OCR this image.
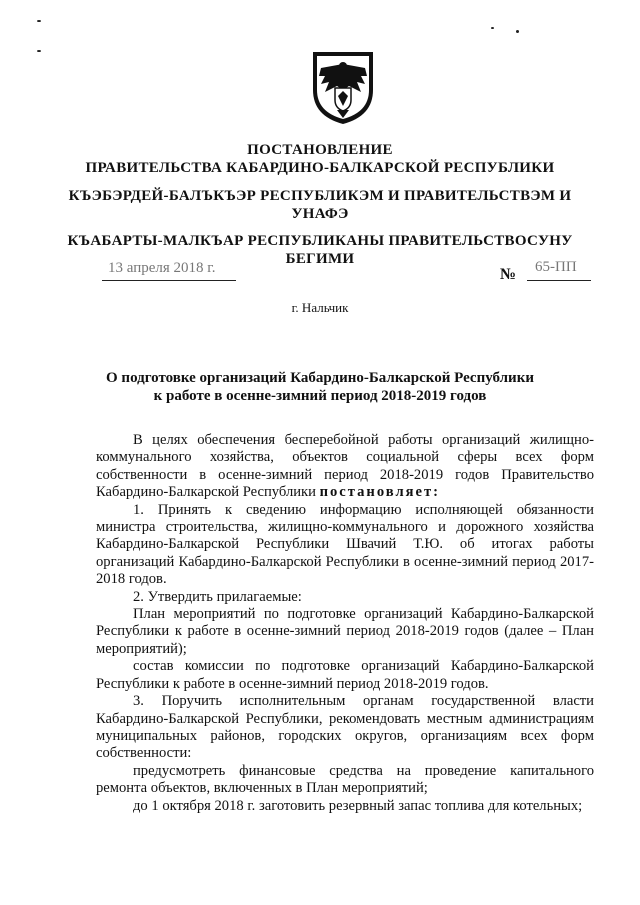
ПОСТАНОВЛЕНИЕ
ПРАВИТЕЛЬСТВА КАБАРДИНО-БАЛКАРСКОЙ РЕСПУБЛИКИ
КЪЭБЭРДЕЙ-БАЛЪКЪЭР РЕСПУБЛИКЭМ И ПРАВИТЕЛЬСТВЭМ И
УНАФЭ
КЪАБАРТЫ-МАЛКЪАР РЕСПУБЛИКАНЫ ПРАВИТЕЛЬСТВОСУНУ
БЕГИМИ
13 апреля 2018 г.	№ 65-ПП
г. Нальчик
О подготовке организаций Кабардино-Балкарской Республики
к работе в осенне-зимний период 2018-2019 годов

В целях обеспечения бесперебойной работы организаций жилищно-коммунального хозяйства, объектов социальной сферы всех форм собственности в осенне-зимний период 2018-2019 годов Правительство Кабардино-Балкарской Республики постановляет:

1. Принять к сведению информацию исполняющей обязанности министра строительства, жилищно-коммунального и дорожного хозяйства Кабардино-Балкарской Республики Швачий Т.Ю. об итогах работы организаций Кабардино-Балкарской Республики в осенне-зимний период 2017-2018 годов.

2. Утвердить прилагаемые:

План мероприятий по подготовке организаций Кабардино-Балкарской Республики к работе в осенне-зимний период 2018-2019 годов (далее – План мероприятий);

состав комиссии по подготовке организаций Кабардино-Балкарской Республики к работе в осенне-зимний период 2018-2019 годов.

3. Поручить исполнительным органам государственной власти Кабардино-Балкарской Республики, рекомендовать местным администрациям муниципальных районов, городских округов, организациям всех форм собственности:

предусмотреть финансовые средства на проведение капитального ремонта объектов, включенных в План мероприятий;

до 1 октября 2018 г. заготовить резервный запас топлива для котельных;
